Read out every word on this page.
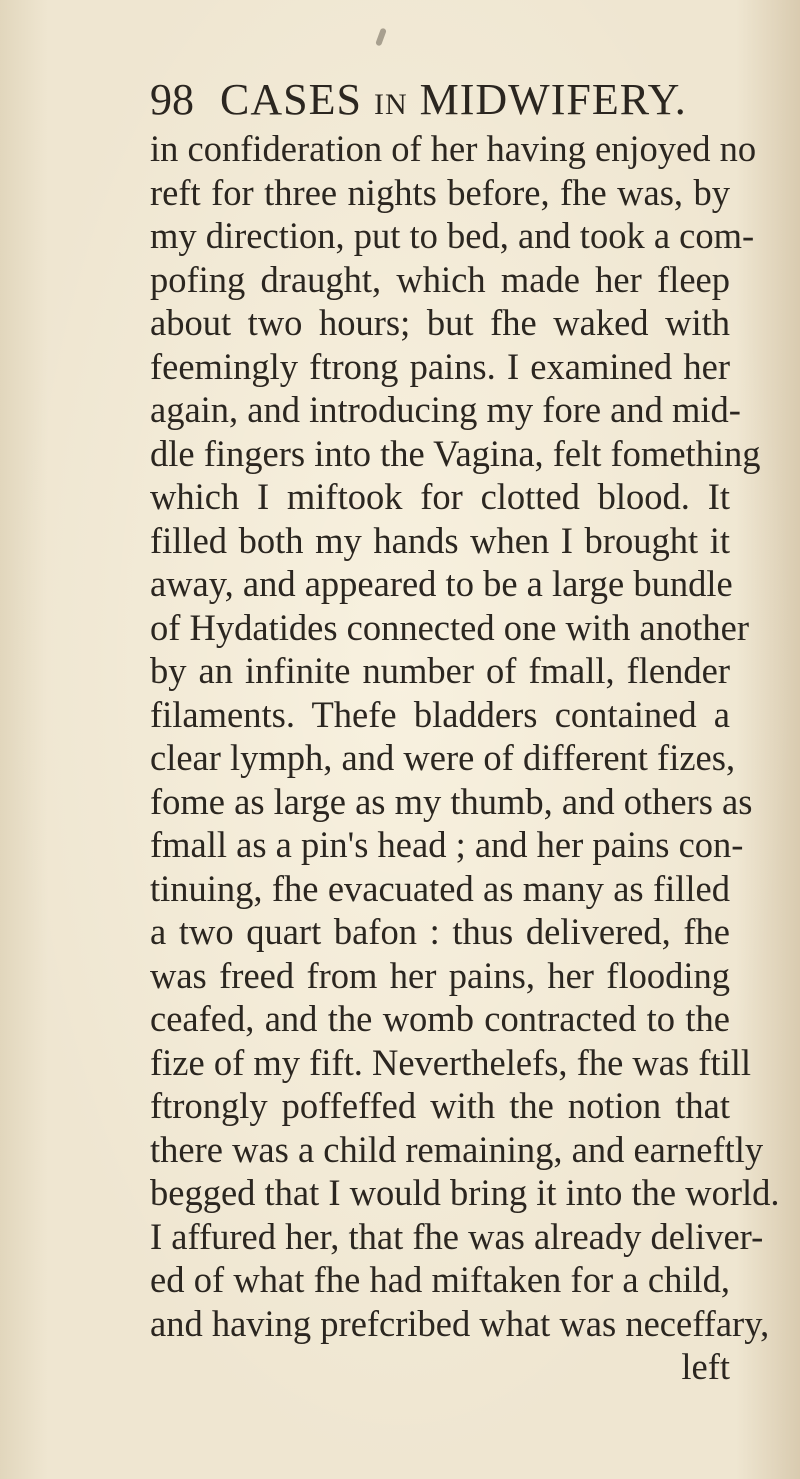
98 CASES IN MIDWIFERY.
in confideration of her having enjoyed no
reft for three nights before, fhe was, by
my direction, put to bed, and took a com-
pofing draught, which made her fleep
about two hours; but fhe waked with
feemingly ftrong pains. I examined her
again, and introducing my fore and mid-
dle fingers into the Vagina, felt fomething
which I miftook for clotted blood. It
filled both my hands when I brought it
away, and appeared to be a large bundle
of Hydatides connected one with another
by an infinite number of fmall, flender
filaments. Thefe bladders contained a
clear lymph, and were of different fizes,
fome as large as my thumb, and others as
fmall as a pin's head ; and her pains con-
tinuing, fhe evacuated as many as filled
a two quart bafon : thus delivered, fhe
was freed from her pains, her flooding
ceafed, and the womb contracted to the
fize of my fift. Neverthelefs, fhe was ftill
ftrongly poffeffed with the notion that
there was a child remaining, and earneftly
begged that I would bring it into the world.
I affured her, that fhe was already deliver-
ed of what fhe had miftaken for a child,
and having prefcribed what was neceffary,
left
